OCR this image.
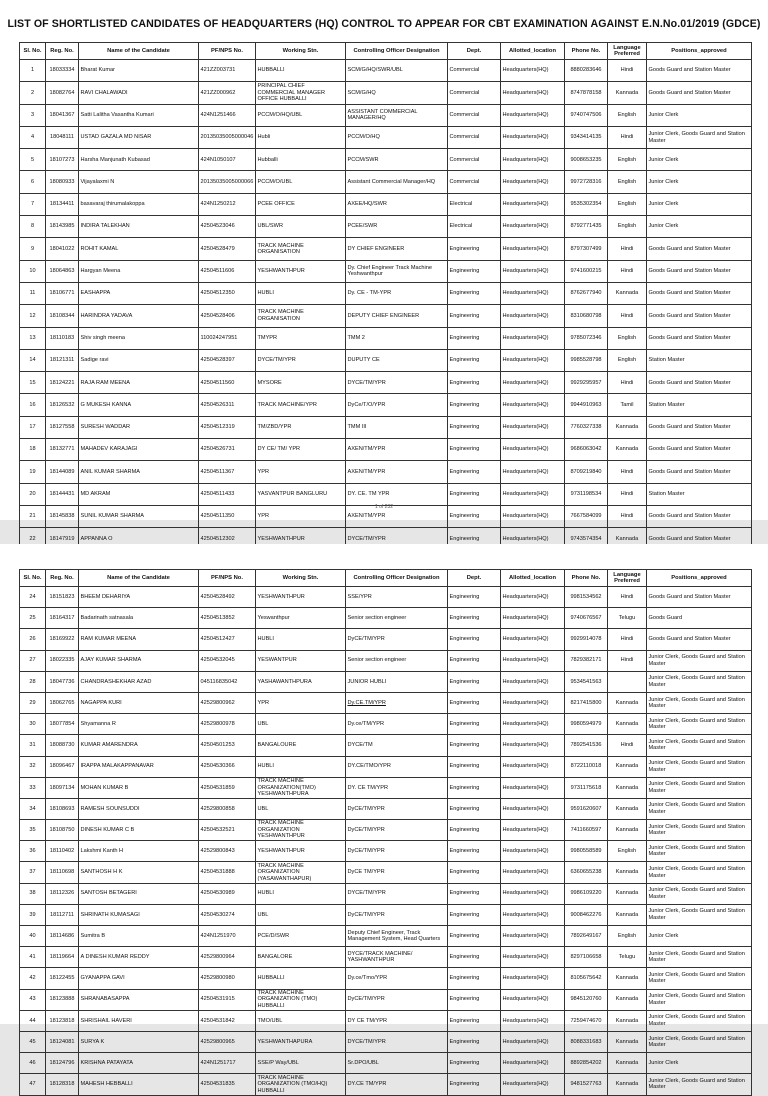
LIST OF SHORTLISTED CANDIDATES OF HEADQUARTERS (HQ) CONTROL TO APPEAR FOR CBT EXAMINATION AGAINST E.N.No.01/2019 (GDCE)
Sl. No.	Reg. No.	Name of the Candidate	PF/NPS No.	Working Stn.	Controlling Officer Designation	Dept.	Allotted_location	Phone No.	Language Preferred	Positions_approved
1	18033334	Bharat Kumar	421ZZ003731	HUBBALLI	SCM/G/HQ/SWR/UBL	Commercial	Headquarters(HQ)	8880283646	Hindi	Goods Guard and Station Master
2	18082764	RAVI CHALAWADI	421ZZ000962	PRINCIPAL CHIEF COMMERCIAL MANAGER OFFICE HUBBALLI	SCM/G/HQ	Commercial	Headquarters(HQ)	8747878158	Kannada	Goods Guard and Station Master
3	18041367	Satti Lalitha Vasantha Kumari	424N1251466	PCCM/O/HQ/UBL	ASSISTANT COMMERCIAL MANAGER/HQ	Commercial	Headquarters(HQ)	9740747506	English	Junior Clerk
4	18048111	USTAD GAZALA MD NISAR	20135035005000046	Hubli	PCCM/O/HQ	Commercial	Headquarters(HQ)	9343414135	Hindi	Junior Clerk, Goods Guard and Station Master
5	18107273	Harsha Manjunath Kubasad	424N1050107	Hubballi	PCCM/SWR	Commercial	Headquarters(HQ)	9008653235	English	Junior Clerk
6	18080933	Vijayalaxmi N	20135035005000066	PCCM/O/UBL	Assistant Commercial Manager/HQ	Commercial	Headquarters(HQ)	9972728316	English	Junior Clerk
7	18134411	basavaraj thirumalakoppa	424N1250212	PCEE OFFICE	AXEE/HQ/SWR	Electrical	Headquarters(HQ)	9535302354	English	Junior Clerk
8	18143985	INDIRA TALEKHAN	42504523046	UBL/SWR	PCEE/SWR	Electrical	Headquarters(HQ)	8792771435	English	Junior Clerk
9	18041022	ROHIT KAMAL	42504528479	TRACK MACHINE ORGANISATION	DY CHIEF ENGINEER	Engineering	Headquarters(HQ)	8797307499	Hindi	Goods Guard and Station Master
10	18064863	Hargyan Meena	42504511606	YESHWANTHPUR	Dy. Chief Engineer Track Machine Yeshwanthpur	Engineering	Headquarters(HQ)	9741600215	Hindi	Goods Guard and Station Master
11	18106771	EASHAPPA	42504512350	HUBLI	Dy. CE - TM-YPR	Engineering	Headquarters(HQ)	8762677940	Kannada	Goods Guard and Station Master
12	18108344	HARINDRA YADAVA	42504528406	TRACK MACHINE ORGANISATION	DEPUTY CHIEF ENGINEER	Engineering	Headquarters(HQ)	8310680798	Hindi	Goods Guard and Station Master
13	18110183	Shiv singh meena	110024247951	TMYPR	TMM 2	Engineering	Headquarters(HQ)	9785072346	English	Goods Guard and Station Master
14	18121311	Sadige ravi	42504528397	DYCE/TM/YPR	DUPUTY CE	Engineering	Headquarters(HQ)	9985528798	English	Station Master
15	18124221	RAJA RAM MEENA	42504511560	MYSORE	DYCE/TM/YPR	Engineering	Headquarters(HQ)	9929295957	Hindi	Goods Guard and Station Master
16	18126532	G MUKESH KANNA	42504526311	TRACK MACHINE/YPR	DyCe/T/O/YPR	Engineering	Headquarters(HQ)	9944910963	Tamil	Station Master
17	18127558	SURESH WADDAR	42504512319	TM/ZBD/YPR	TMM III	Engineering	Headquarters(HQ)	7760327338	Kannada	Goods Guard and Station Master
18	18132771	MAHADEV KARAJAGI	42504526731	DY CE/ TM/ YPR	AXEN/TM/YPR	Engineering	Headquarters(HQ)	9686063042	Kannada	Goods Guard and Station Master
19	18144089	ANIL KUMAR SHARMA	42504511367	YPR	AXEN/TM/YPR	Engineering	Headquarters(HQ)	8709219840	Hindi	Goods Guard and Station Master
20	18144431	MD AKRAM	42504511433	YASVANTPUR BANGLURU	DY. CE. TM YPR	Engineering	Headquarters(HQ)	9731198534	Hindi	Station Master
21	18145838	SUNIL KUMAR SHARMA	42504511350	YPR	AXEN/TM/YPR	Engineering	Headquarters(HQ)	7667584099	Hindi	Goods Guard and Station Master
22	18147919	APPANNA O	42504512302	YESHWANTHPUR	DYCE/TM/YPR	Engineering	Headquarters(HQ)	9743574354	Kannada	Goods Guard and Station Master

1 of 232
Sl. No.	Reg. No.	Name of the Candidate	PF/NPS No.	Working Stn.	Controlling Officer Designation	Dept.	Allotted_location	Phone No.	Language Preferred	Positions_approved
24	18151823	BHEEM DEHARIYA	42504528492	YESHWANTHPUR	SSE/YPR	Engineering	Headquarters(HQ)	9981534562	Hindi	Goods Guard and Station Master
25	18164317	Badarinath satnasala	42504513852	Yeswanthpur	Senior section engineer	Engineering	Headquarters(HQ)	9740676567	Telugu	Goods Guard
26	18169922	RAM KUMAR MEENA	42504512427	HUBLI	DyCE/TM/YPR	Engineering	Headquarters(HQ)	9929914078	Hindi	Goods Guard and Station Master
27	18022335	AJAY KUMAR SHARMA	42504532045	YESWANTPUR	Senior section engineer	Engineering	Headquarters(HQ)	7829382171	Hindi	Junior Clerk, Goods Guard and Station Master
28	18047736	CHANDRASHEKHAR AZAD	045116835042	YASHAWANTHPURA	JUNIOR HUBLI	Engineering	Headquarters(HQ)	9534541563		Junior Clerk, Goods Guard and Station Master
29	18062765	NAGAPPA KURI	42529800962	YPR	Dy.CE.TM/YPR	Engineering	Headquarters(HQ)	8217415800	Kannada	Junior Clerk, Goods Guard and Station Master
30	18077854	Shyamanna R	42529800978	UBL	Dy.ce/TM/YPR	Engineering	Headquarters(HQ)	9980594979	Kannada	Junior Clerk, Goods Guard and Station Master
31	18088730	KUMAR AMARENDRA	42504501253	BANGALOURE	DYCE/TM	Engineering	Headquarters(HQ)	7892541536	Hindi	Junior Clerk, Goods Guard and Station Master
32	18096467	IRAPPA MALAKAPPANAVAR	42504530366	HUBLI	DY.CE/TMO/YPR	Engineering	Headquarters(HQ)	8722110018	Kannada	Junior Clerk, Goods Guard and Station Master
33	18097134	MOHAN KUMAR B	42504531859	TRACK MACHINE ORGANIZATION(TMO) YESHWANTHPURA	DY. CE TM/YPR	Engineering	Headquarters(HQ)	9731175618	Kannada	Junior Clerk, Goods Guard and Station Master
34	18108693	RAMESH SOUNSUDDI	42529800858	UBL	DyCE/TM/YPR	Engineering	Headquarters(HQ)	9591620607	Kannada	Junior Clerk, Goods Guard and Station Master
35	18108750	DINESH KUMAR C B	42504532521	TRACK MACHINE ORGANIZATION YESHWANTHPUR	DyCE/TM/YPR	Engineering	Headquarters(HQ)	7411660597	Kannada	Junior Clerk, Goods Guard and Station Master
36	18110402	Lakshmi Kanth H	42529800843	YESHWANTHPUR	DyCE/TM/YPR	Engineering	Headquarters(HQ)	9980558589	English	Junior Clerk, Goods Guard and Station Master
37	18110698	SANTHOSH H K	42504531888	TRACK MACHINE ORGANIZATION (YASAWANTHAPUR)	DyCE TM/YPR	Engineering	Headquarters(HQ)	6360655238	Kannada	Junior Clerk, Goods Guard and Station Master
38	18112326	SANTOSH BETAGERI	42504530989	HUBLI	DYCE/TM/YPR	Engineering	Headquarters(HQ)	9986109220	Kannada	Junior Clerk, Goods Guard and Station Master
39	18112711	SHRINATH KUMASAGI	42504530274	UBL	DyCE/TM/YPR	Engineering	Headquarters(HQ)	9008462276	Kannada	Junior Clerk, Goods Guard and Station Master
40	18114686	Sumitra B	424N1251970	PCE/D/SWR	Deputy Chief Engineer, Track Management System, Head Quarters	Engineering	Headquarters(HQ)	7892649167	English	Junior Clerk
41	18119664	A DINESH KUMAR REDDY	42529800964	BANGALORE	DYCE/TRACK MACHINE/ YASHWANTHPUR	Engineering	Headquarters(HQ)	8297106658	Telugu	Junior Clerk, Goods Guard and Station Master
42	18122455	GYANAPPA GAVI	42529800980	HUBBALLI	Dy.ce/Tmo/YPR	Engineering	Headquarters(HQ)	8105675642	Kannada	Junior Clerk, Goods Guard and Station Master
43	18123888	SHRANABASAPPA	42504531915	TRACK MACHINE ORGANIZATION (TMO) HUBBALLI	DyCE/TM/YPR	Engineering	Headquarters(HQ)	9845120760	Kannada	Junior Clerk, Goods Guard and Station Master
44	18123818	SHRISHAIL HAVERI	42504531842	TMO/UBL	DY CE TM/YPR	Engineering	Headquarters(HQ)	7259474670	Kannada	Junior Clerk, Goods Guard and Station Master
45	18124081	SURYA K	42529800965	YESHWANTHAPURA	DYCE/TM/YPR	Engineering	Headquarters(HQ)	8088331683	Kannada	Junior Clerk, Goods Guard and Station Master
46	18124796	KRISHNA PATAYATA	424N1251717	SSE/P Way/UBL	Sr.DPO/UBL	Engineering	Headquarters(HQ)	8892854202	Kannada	Junior Clerk
47	18128318	MAHESH HEBBALLI	42504531835	TRACK MACHINE ORGANIZATION (TMO/HQ) HUBBALLI	DY.CE TM/YPR	Engineering	Headquarters(HQ)	9481527763	Kannada	Junior Clerk, Goods Guard and Station Master
